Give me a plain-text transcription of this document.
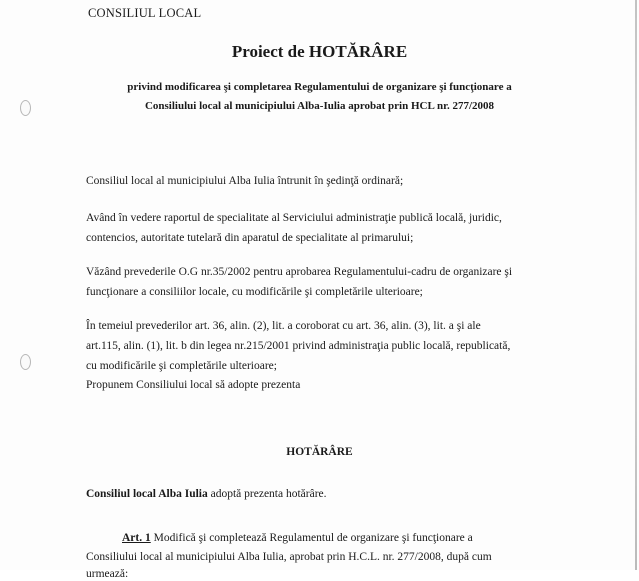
CONSILIUL LOCAL
Proiect de HOTĂRÂRE
privind modificarea şi completarea Regulamentului de organizare şi funcţionare a
Consiliului local al municipiului Alba-Iulia aprobat prin HCL nr. 277/2008
Consiliul local al municipiului Alba Iulia întrunit în şedinţă ordinară;
Având în vedere raportul de specialitate al Serviciului administraţie publică locală, juridic,
contencios, autoritate tutelară din aparatul de specialitate al primarului;
Văzând prevederile O.G nr.35/2002 pentru aprobarea Regulamentului-cadru de organizare şi
funcţionare a consiliilor locale, cu modificările şi completările ulterioare;
În temeiul prevederilor art. 36, alin. (2), lit. a coroborat cu art. 36, alin. (3), lit. a şi ale
art.115, alin. (1), lit. b din legea nr.215/2001 privind administraţia public locală, republicată,
cu modificările şi completările ulterioare;
Propunem Consiliului local să adopte prezenta
HOTĂRÂRE
Consiliul local Alba Iulia adoptă prezenta hotărâre.
Art. 1 Modifică şi completează Regulamentul de organizare şi funcţionare a
Consiliului local al municipiului Alba Iulia, aprobat prin H.C.L. nr. 277/2008, după cum
urmează:
